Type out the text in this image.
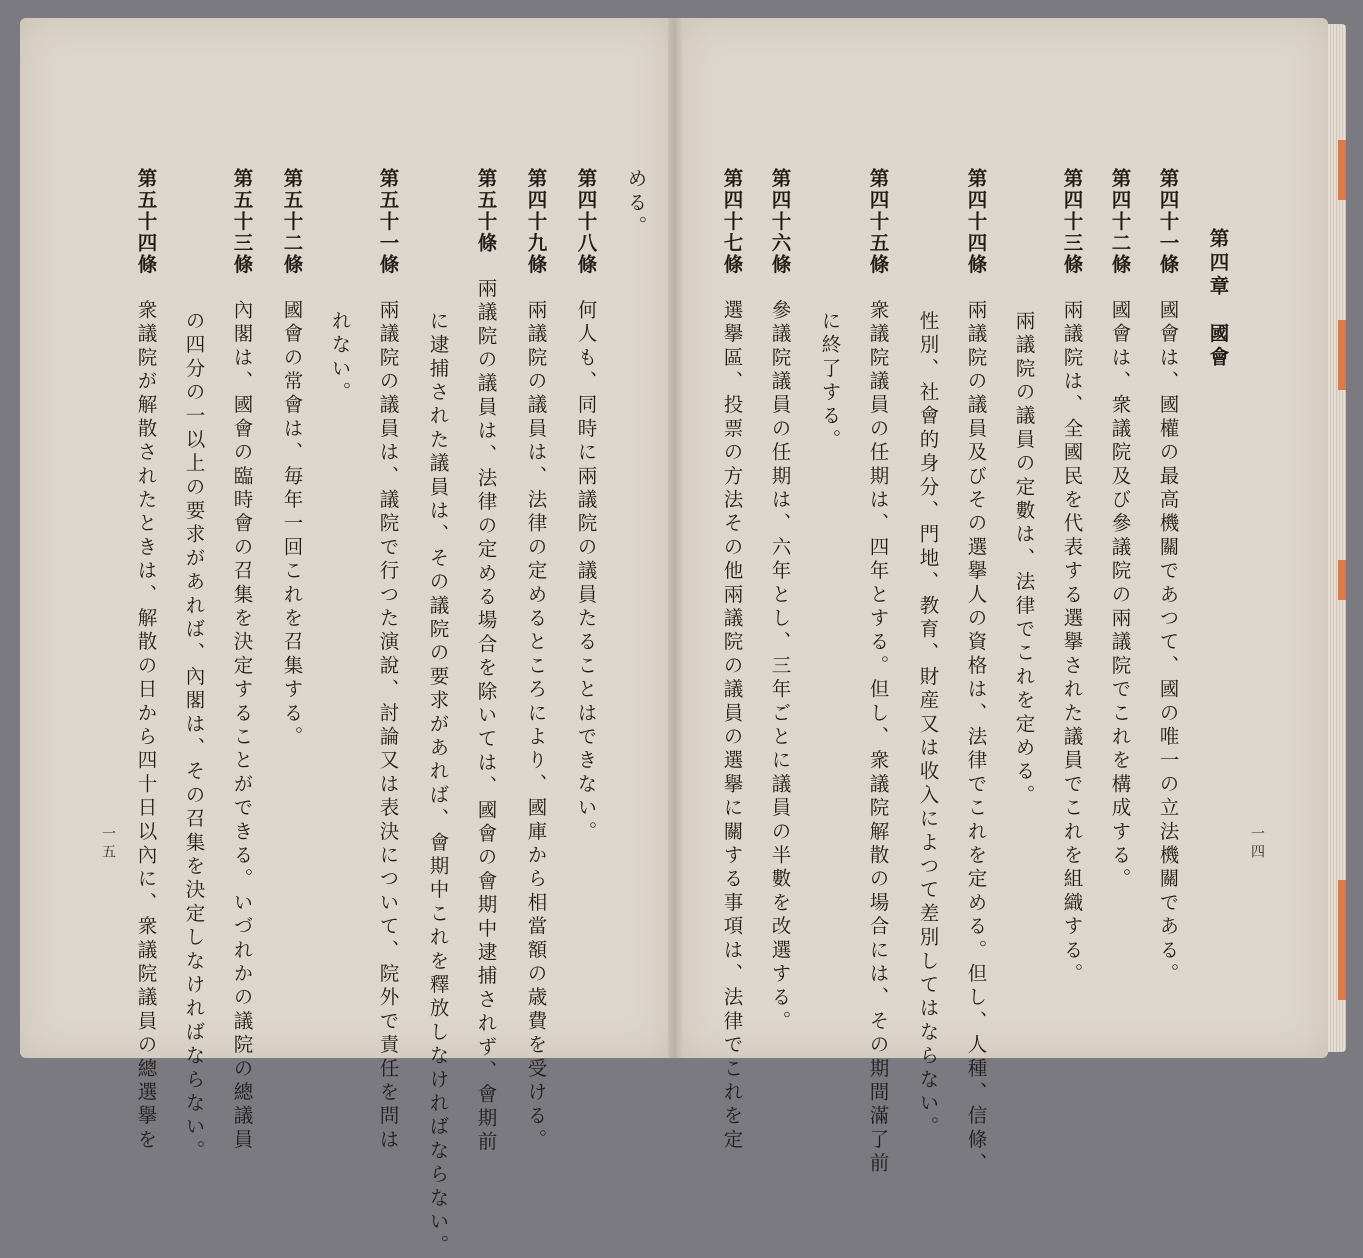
第四章　國會
一四
第四十一條　國會は、國權の最高機關であつて、國の唯一の立法機關である。
第四十二條　國會は、衆議院及び參議院の兩議院でこれを構成する。
第四十三條　兩議院は、全國民を代表する選擧された議員でこれを組織する。
　　　　　　兩議院の議員の定數は、法律でこれを定める。
第四十四條　兩議院の議員及びその選擧人の資格は、法律でこれを定める。但し、人種、信條、
　　　　　　性別、社會的身分、門地、教育、財産又は收入によつて差別してはならない。
第四十五條　衆議院議員の任期は、四年とする。但し、衆議院解散の場合には、その期間滿了前
　　　　　　に終了する。
第四十六條　參議院議員の任期は、六年とし、三年ごとに議員の半數を改選する。
第四十七條　選擧區、投票の方法その他兩議院の議員の選擧に關する事項は、法律でこれを定
一五
める。
第四十八條　何人も、同時に兩議院の議員たることはできない。
第四十九條　兩議院の議員は、法律の定めるところにより、國庫から相當額の歳費を受ける。
第五十條　兩議院の議員は、法律の定める場合を除いては、國會の會期中逮捕されず、會期前
　　　　　　に逮捕された議員は、その議院の要求があれば、會期中これを釋放しなければならない。
第五十一條　兩議院の議員は、議院で行つた演說、討論又は表決について、院外で責任を問は
　　　　　　れない。
第五十二條　國會の常會は、毎年一回これを召集する。
第五十三條　內閣は、國會の臨時會の召集を決定することができる。いづれかの議院の總議員
　　　　　　の四分の一以上の要求があれば、內閣は、その召集を決定しなければならない。
第五十四條　衆議院が解散されたときは、解散の日から四十日以內に、衆議院議員の總選擧を
